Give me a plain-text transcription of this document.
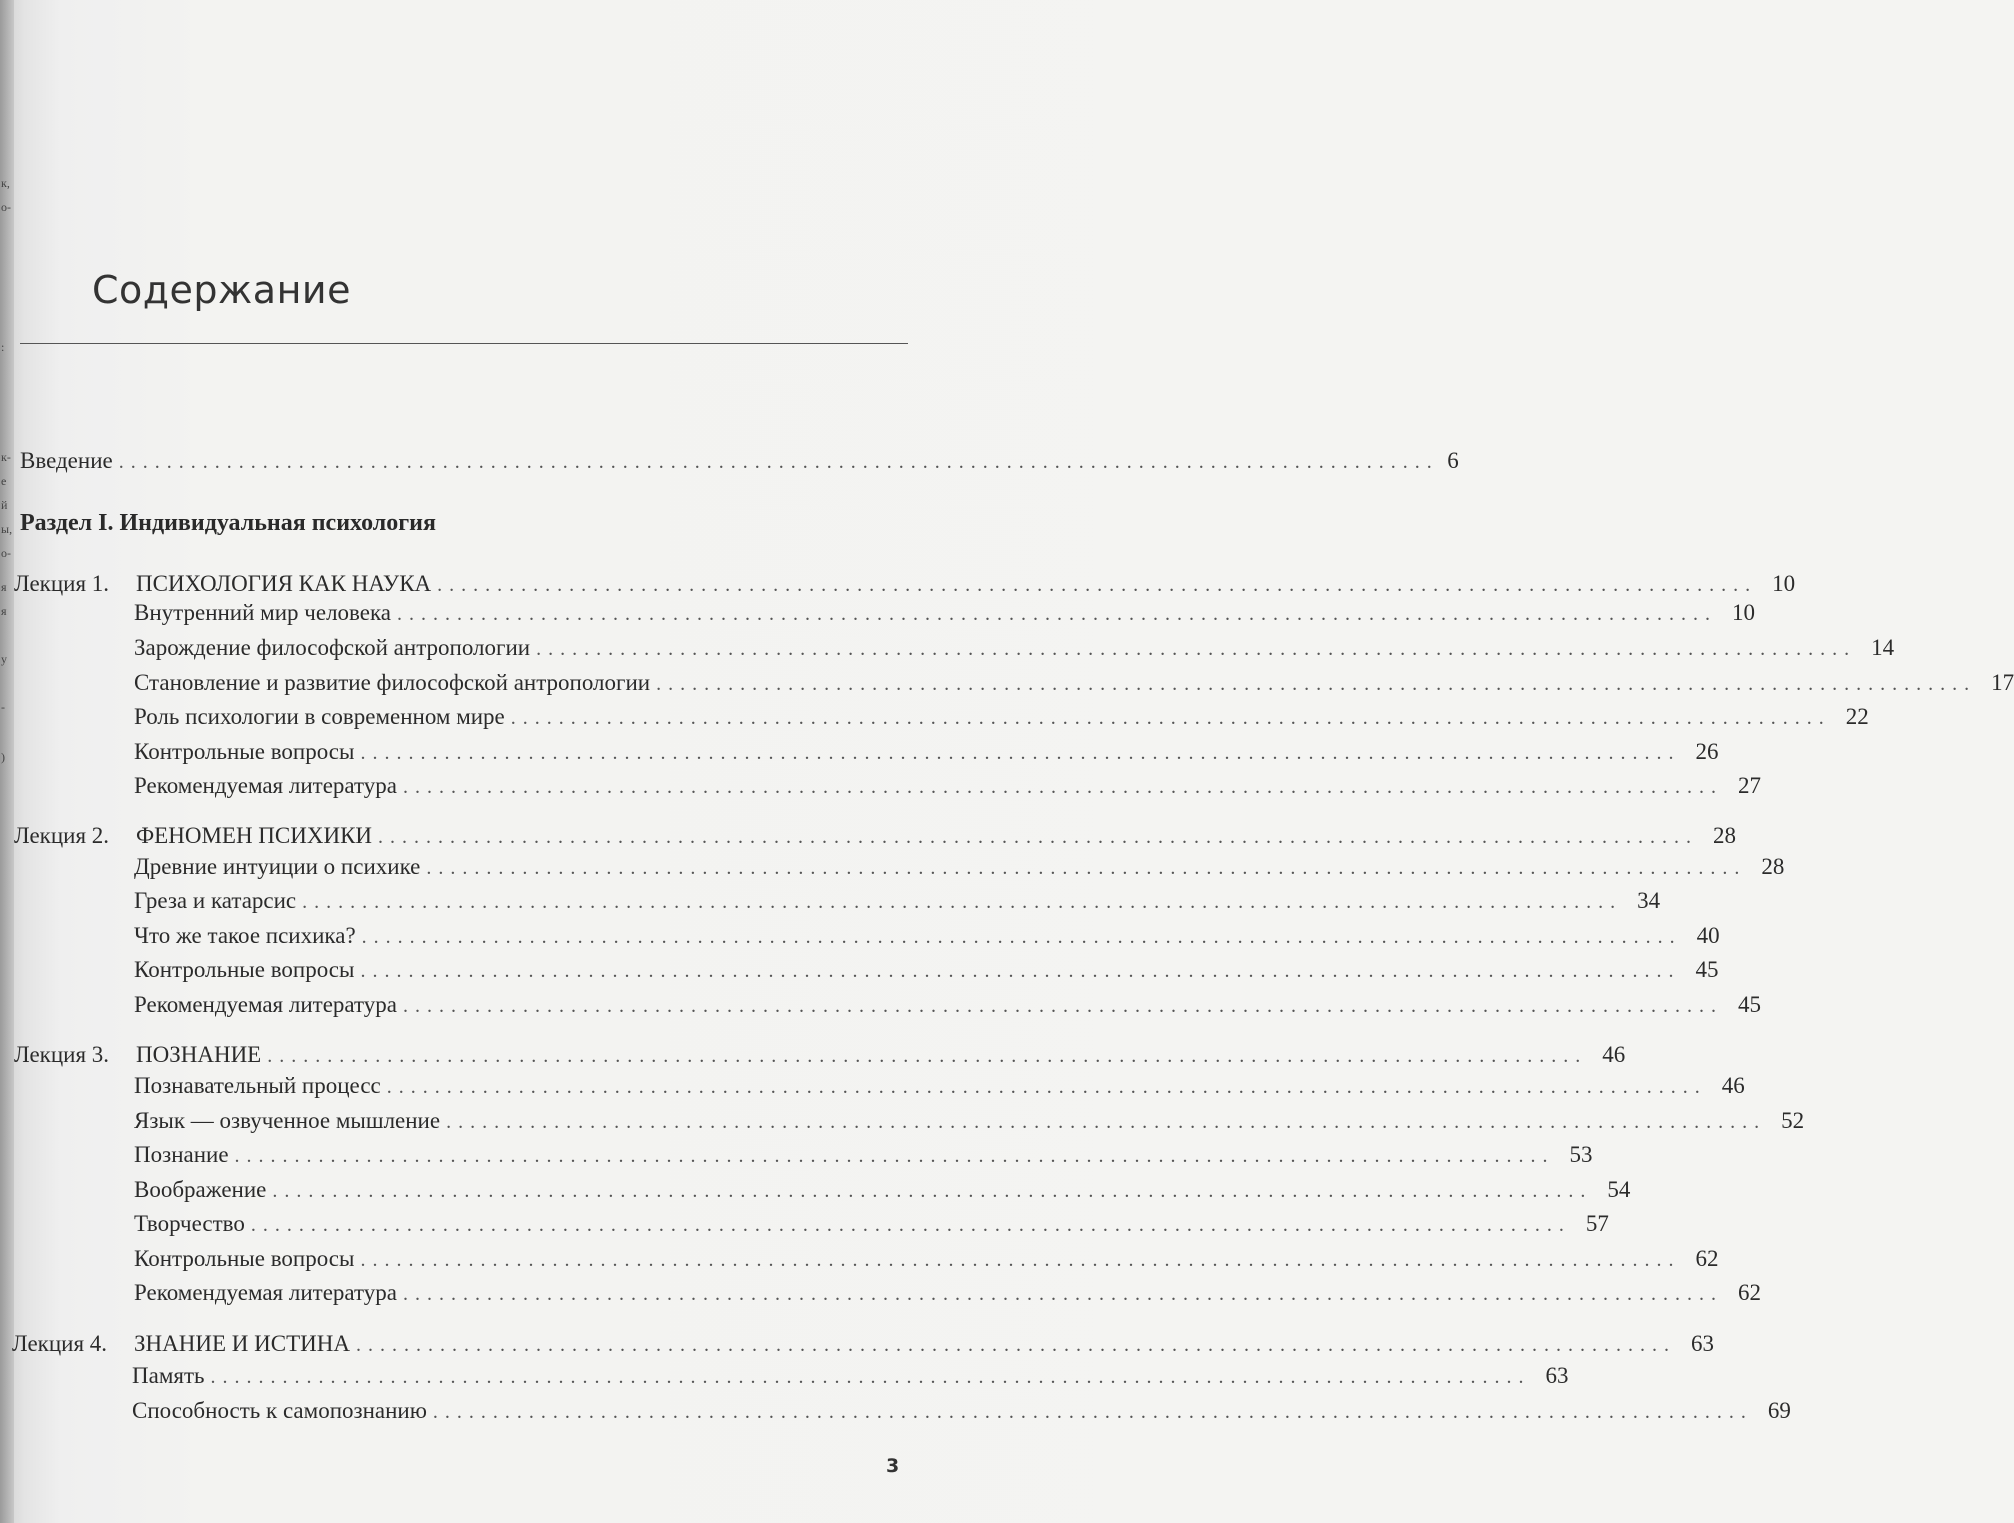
к,
о-
:
к-
е
й
ы,
о-
я
я
у
-
)
Содержание
Введение .............................................................................................................. 6
Раздел I. Индивидуальная психология
Лекция 1.	ПСИХОЛОГИЯ КАК НАУКА .............................................................................................................. 10
Внутренний мир человека .............................................................................................................. 10
Зарождение философской антропологии .............................................................................................................. 14
Становление и развитие философской антропологии .............................................................................................................. 17
Роль психологии в современном мире .............................................................................................................. 22
Контрольные вопросы .............................................................................................................. 26
Рекомендуемая литература .............................................................................................................. 27
Лекция 2.	ФЕНОМЕН ПСИХИКИ .............................................................................................................. 28
Древние интуиции о психике .............................................................................................................. 28
Греза и катарсис .............................................................................................................. 34
Что же такое психика? .............................................................................................................. 40
Контрольные вопросы .............................................................................................................. 45
Рекомендуемая литература .............................................................................................................. 45
Лекция 3.	ПОЗНАНИЕ .............................................................................................................. 46
Познавательный процесс .............................................................................................................. 46
Язык — озвученное мышление .............................................................................................................. 52
Познание .............................................................................................................. 53
Воображение .............................................................................................................. 54
Творчество .............................................................................................................. 57
Контрольные вопросы .............................................................................................................. 62
Рекомендуемая литература .............................................................................................................. 62
Лекция 4.	ЗНАНИЕ И ИСТИНА .............................................................................................................. 63
Память .............................................................................................................. 63
Способность к самопознанию .............................................................................................................. 69
3
